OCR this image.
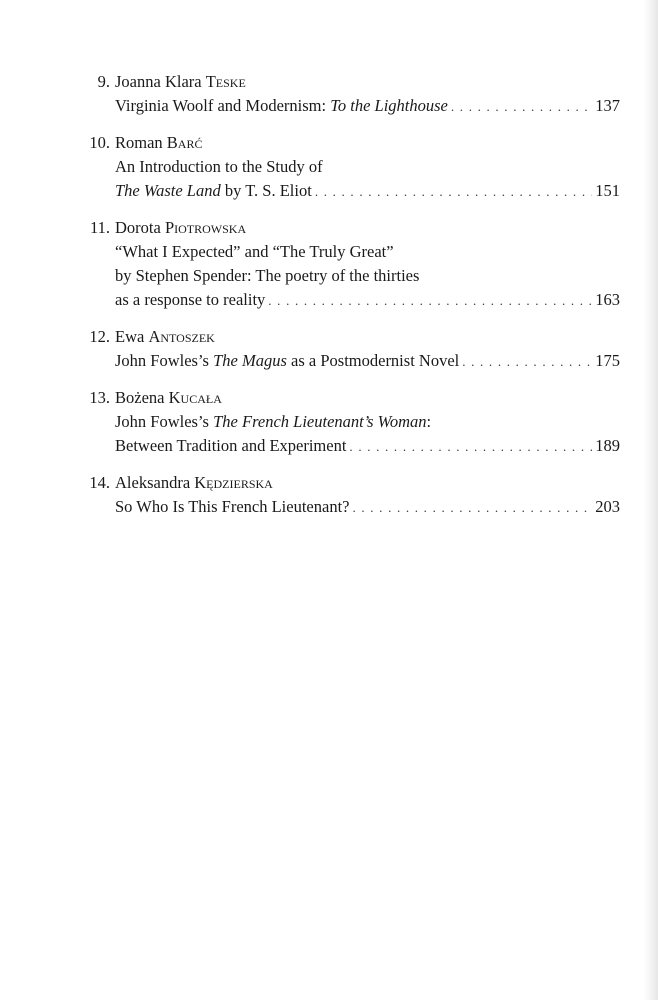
9. Joanna Klara Teske
Virginia Woolf and Modernism: To the Lighthouse . . .	137
10. Roman Barć
An Introduction to the Study of
The Waste Land by T. S. Eliot . . .	151
11. Dorota Piotrowska
“What I Expected” and “The Truly Great”
by Stephen Spender: The poetry of the thirties
as a response to reality . . .	163
12. Ewa Antoszek
John Fowles’s The Magus as a Postmodernist Novel . . .	175
13. Bożena Kucała
John Fowles’s The French Lieutenant’s Woman:
Between Tradition and Experiment . . .	189
14. Aleksandra Kędzierska
So Who Is This French Lieutenant? . . .	203
